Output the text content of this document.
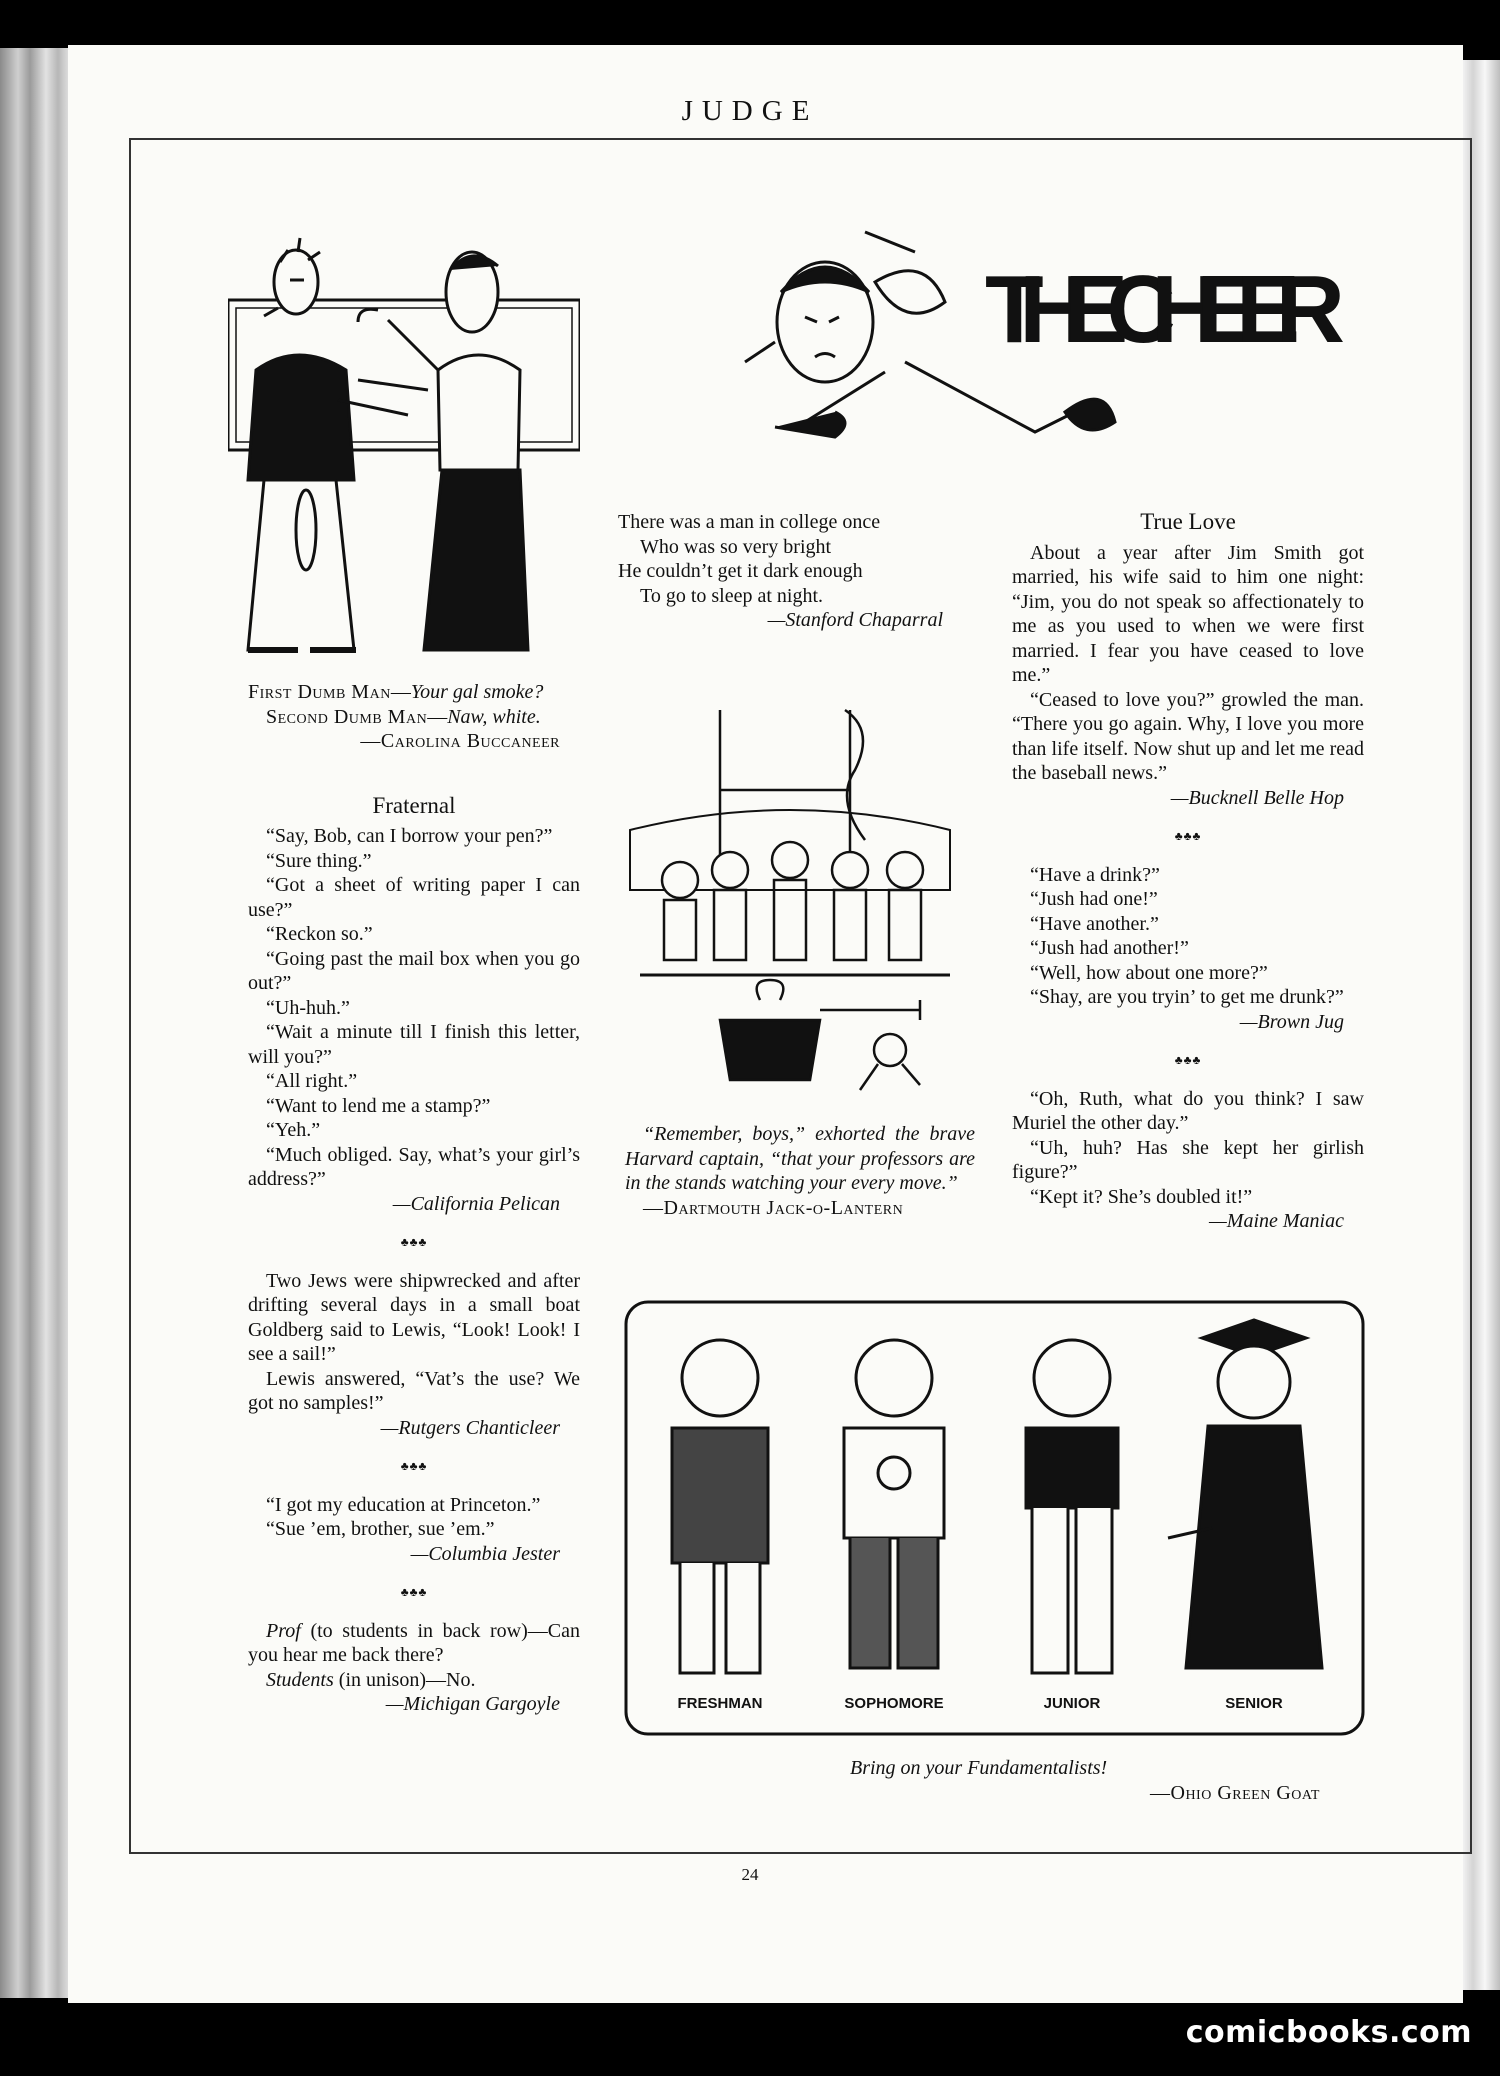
JUDGE

First Dumb Man—Your gal smoke?

Second Dumb Man—Naw, white.

—Carolina Buccaneer

Fraternal

“Say, Bob, can I borrow your pen?”

“Sure thing.”

“Got a sheet of writing paper I can use?”

“Reckon so.”

“Going past the mail box when you go out?”

“Uh-huh.”

“Wait a minute till I finish this letter, will you?”

“All right.”

“Want to lend me a stamp?”

“Yeh.”

“Much obliged. Say, what’s your girl’s address?”

—California Pelican

♣♣♣

Two Jews were shipwrecked and after drifting several days in a small boat Goldberg said to Lewis, “Look! Look! I see a sail!”

Lewis answered, “Vat’s the use? We got no samples!”

—Rutgers Chanticleer

♣♣♣

“I got my education at Princeton.”

“Sue ’em, brother, sue ’em.”

—Columbia Jester

♣♣♣

Prof (to students in back row)—Can you hear me back there?

Students (in unison)—No.

—Michigan Gargoyle

THE CHEER

There was a man in college once

Who was so very bright

He couldn’t get it dark enough

To go to sleep at night.

—Stanford Chaparral

“Remember, boys,” exhorted the brave Harvard captain, “that your professors are in the stands watching your every move.”

—Dartmouth Jack-o-Lantern

True Love

About a year after Jim Smith got married, his wife said to him one night: “Jim, you do not speak so affectionately to me as you used to when we were first married. I fear you have ceased to love me.”

“Ceased to love you?” growled the man. “There you go again. Why, I love you more than life itself. Now shut up and let me read the baseball news.”

—Bucknell Belle Hop

♣♣♣

“Have a drink?”

“Jush had one!”

“Have another.”

“Jush had another!”

“Well, how about one more?”

“Shay, are you tryin’ to get me drunk?”

—Brown Jug

♣♣♣

“Oh, Ruth, what do you think? I saw Muriel the other day.”

“Uh, huh? Has she kept her girlish figure?”

“Kept it? She’s doubled it!”

—Maine Maniac

FRESHMAN	SOPHOMORE	JUNIOR	SENIOR

Bring on your Fundamentalists!

—Ohio Green Goat

24
comicbooks.com
